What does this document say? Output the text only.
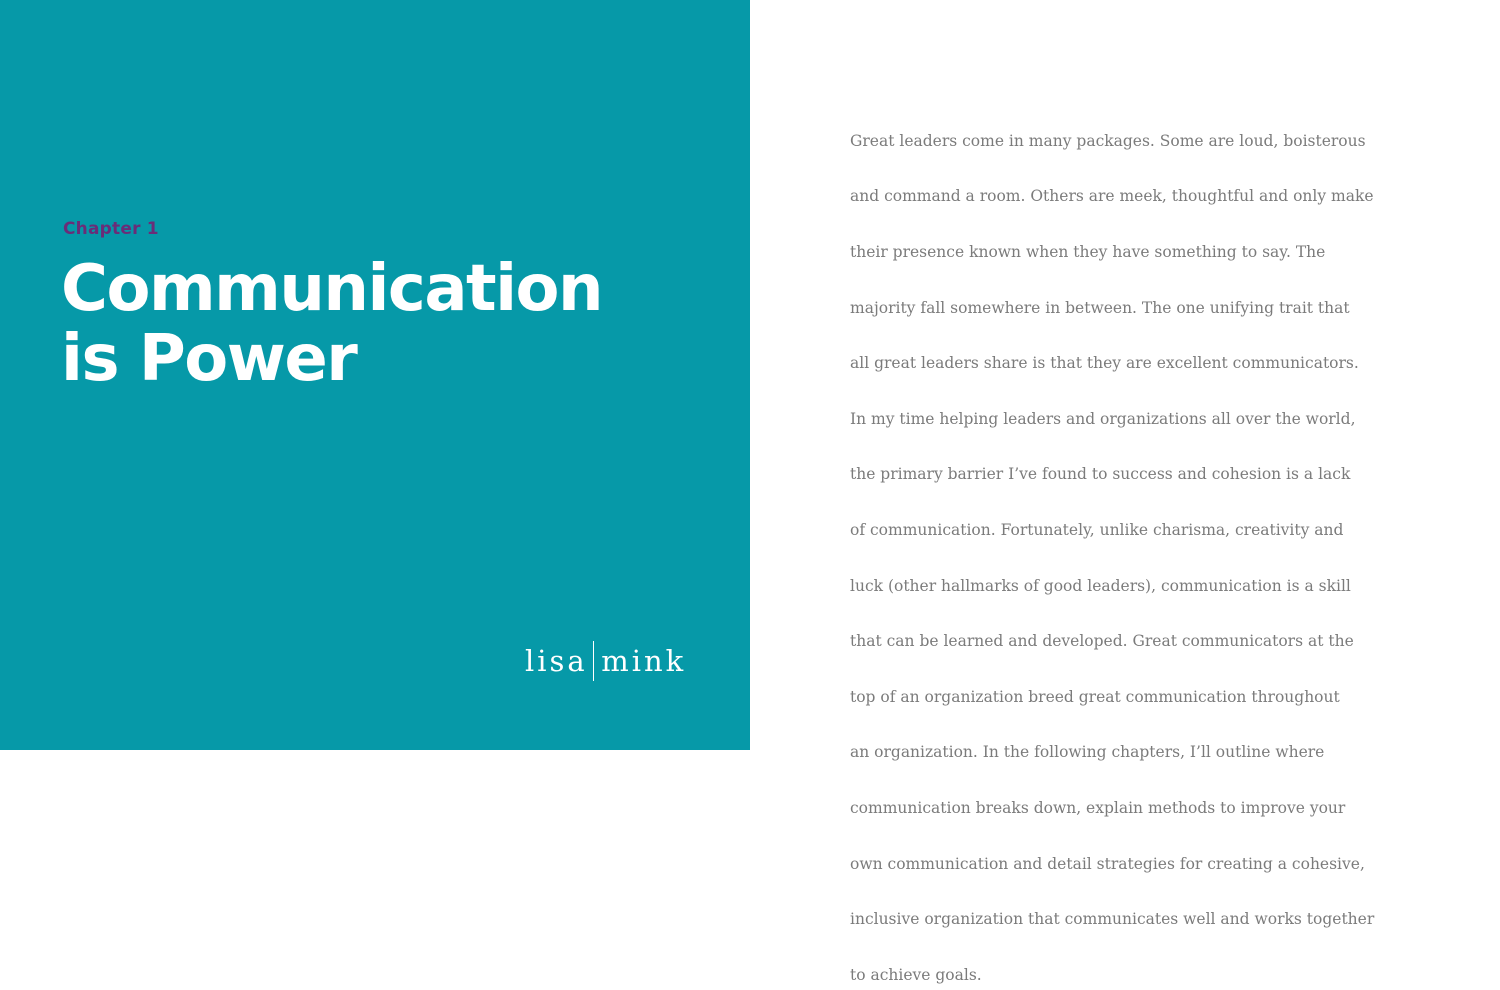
Chapter 1
Communication
is Power
lisa mink

Great leaders come in many packages. Some are loud, boisterous

and command a room. Others are meek, thoughtful and only make

their presence known when they have something to say. The

majority fall somewhere in between. The one unifying trait that

all great leaders share is that they are excellent communicators.

In my time helping leaders and organizations all over the world,

the primary barrier I’ve found to success and cohesion is a lack

of communication. Fortunately, unlike charisma, creativity and

luck (other hallmarks of good leaders), communication is a skill

that can be learned and developed. Great communicators at the

top of an organization breed great communication throughout

an organization. In the following chapters, I’ll outline where

communication breaks down, explain methods to improve your

own communication and detail strategies for creating a cohesive,

inclusive organization that communicates well and works together

to achieve goals.
